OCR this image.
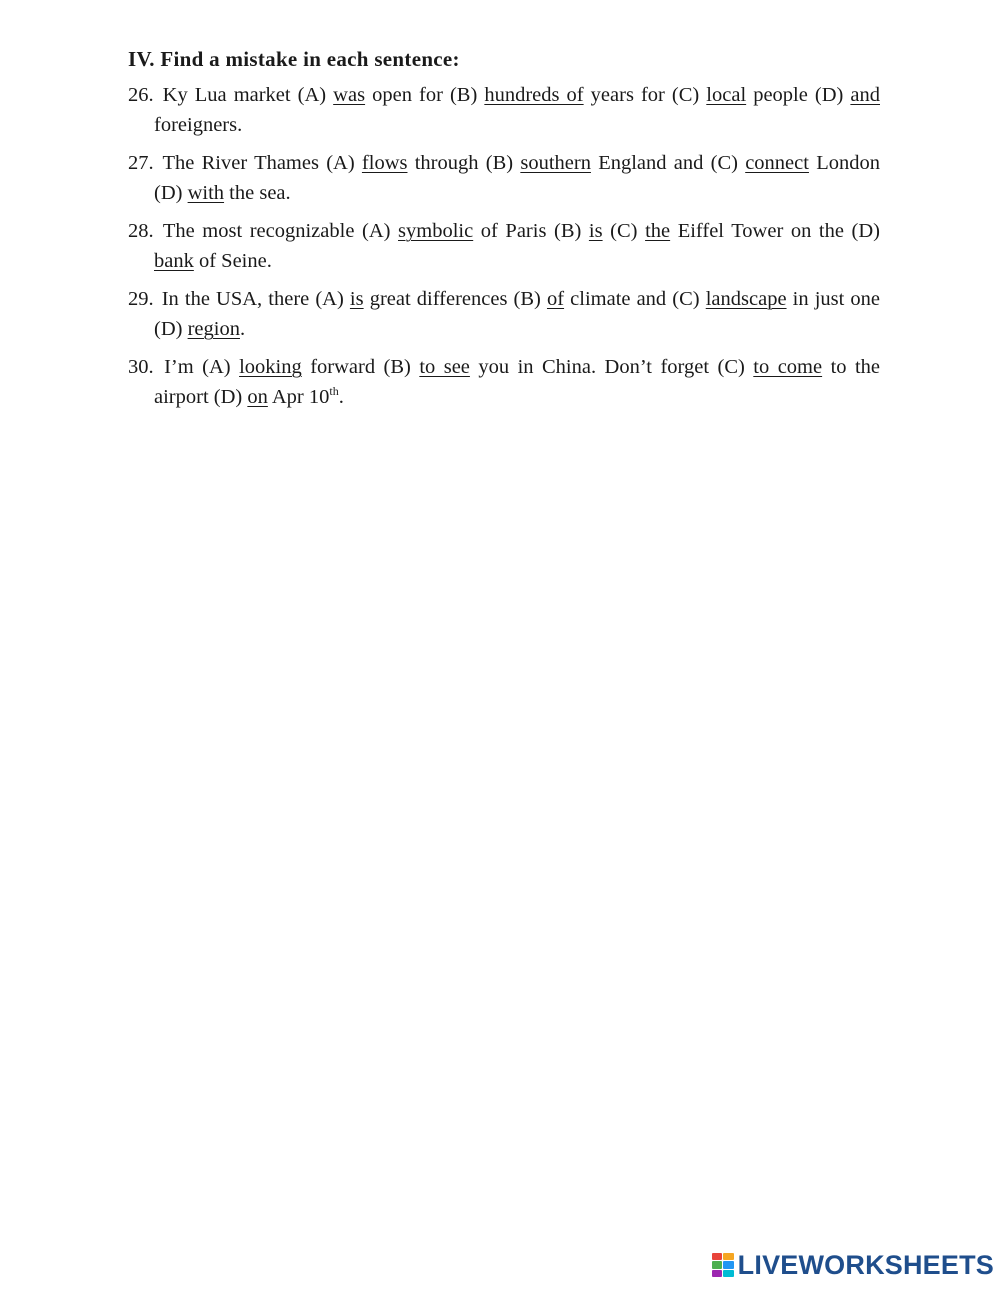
IV. Find a mistake in each sentence:
26. Ky Lua market (A) was open for (B) hundreds of years for (C) local people (D) and foreigners.
27. The River Thames (A) flows through (B) southern England and (C) connect London (D) with the sea.
28. The most recognizable (A) symbolic of Paris (B) is (C) the Eiffel Tower on the (D) bank of Seine.
29. In the USA, there (A) is great differences (B) of climate and (C) landscape in just one (D) region.
30. I’m (A) looking forward (B) to see you in China. Don’t forget (C) to come to the airport (D) on Apr 10th.
LIVEWORKSHEETS
